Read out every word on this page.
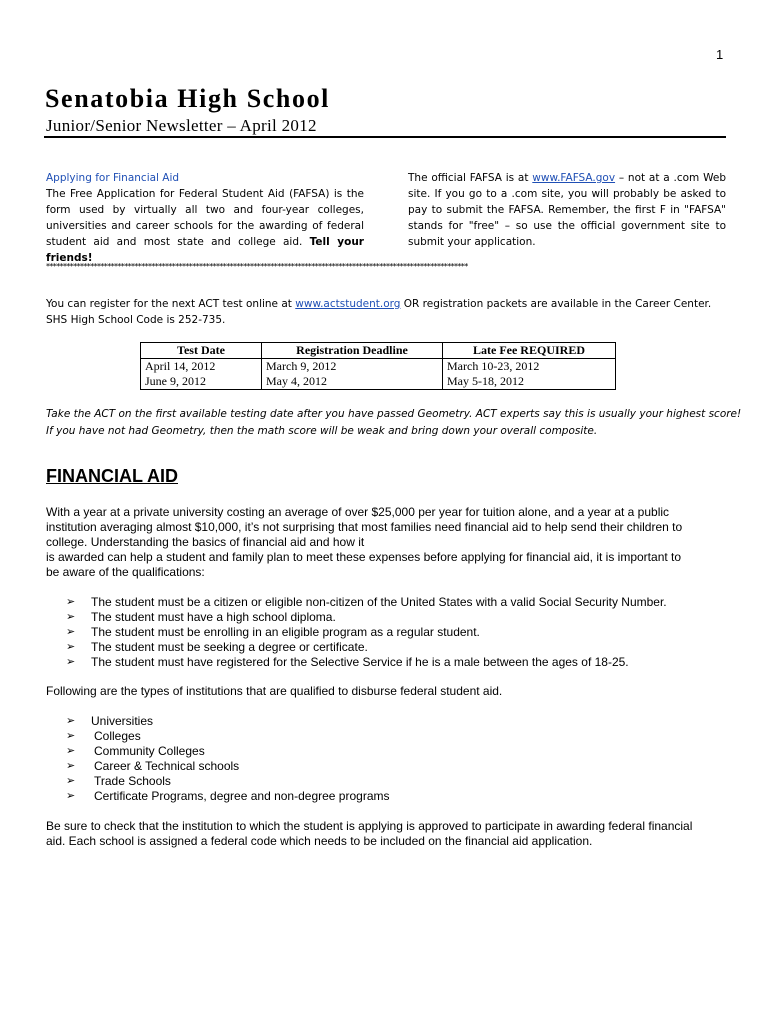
1
Senatobia High School
Junior/Senior Newsletter – April 2012
Applying for Financial Aid
The Free Application for Federal Student Aid (FAFSA) is the form used by virtually all two and four-year colleges, universities and career schools for the awarding of federal student aid and most state and college aid. Tell your friends!
The official FAFSA is at www.FAFSA.gov – not at a .com Web site. If you go to a .com site, you will probably be asked to pay to submit the FAFSA. Remember, the first F in "FAFSA" stands for "free" – so use the official government site to submit your application.
****************************************************************************************************************************
You can register for the next ACT test online at www.actstudent.org OR registration packets are available in the Career Center.
SHS High School Code is 252-735.
Test Date	Registration Deadline	Late Fee REQUIRED
April 14, 2012	March 9, 2012	March 10-23, 2012
June 9, 2012	May 4, 2012	May 5-18, 2012
Take the ACT on the first available testing date after you have passed Geometry. ACT experts say this is usually your highest score!
If you have not had Geometry, then the math score will be weak and bring down your overall composite.
FINANCIAL AID
With a year at a private university costing an average of over $25,000 per year for tuition alone, and a year at a public
institution averaging almost $10,000, it’s not surprising that most families need financial aid to help send their children to
college. Understanding the basics of financial aid and how it
is awarded can help a student and family plan to meet these expenses before applying for financial aid, it is important to
be aware of the qualifications:
➢ The student must be a citizen or eligible non-citizen of the United States with a valid Social Security Number.
➢ The student must have a high school diploma.
➢ The student must be enrolling in an eligible program as a regular student.
➢ The student must be seeking a degree or certificate.
➢ The student must have registered for the Selective Service if he is a male between the ages of 18-25.
Following are the types of institutions that are qualified to disburse federal student aid.
➢ Universities
➢ Colleges
➢ Community Colleges
➢ Career & Technical schools
➢ Trade Schools
➢ Certificate Programs, degree and non-degree programs
Be sure to check that the institution to which the student is applying is approved to participate in awarding federal financial
aid. Each school is assigned a federal code which needs to be included on the financial aid application.
